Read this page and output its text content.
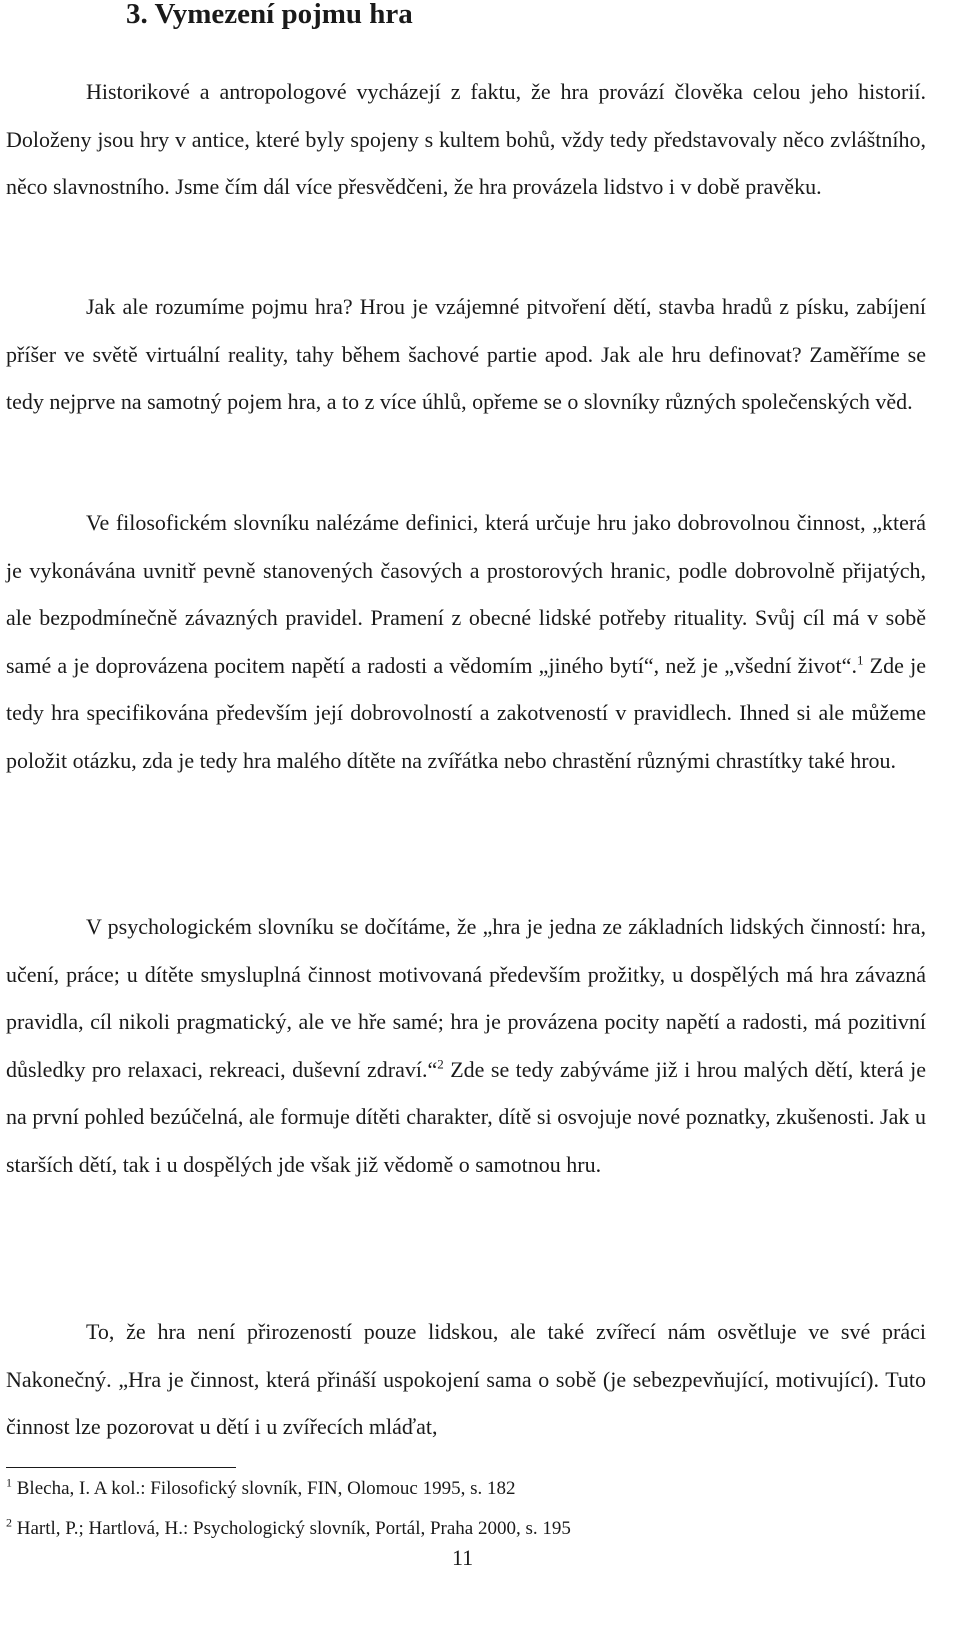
3. Vymezení pojmu hra

Historikové a antropologové vycházejí z faktu, že hra provází člověka celou jeho historií. Doloženy jsou hry v antice, které byly spojeny s kultem bohů, vždy tedy představovaly něco zvláštního, něco slavnostního. Jsme čím dál více přesvědčeni, že hra provázela lidstvo i v době pravěku.

Jak ale rozumíme pojmu hra? Hrou je vzájemné pitvoření dětí, stavba hradů z písku, zabíjení příšer ve světě virtuální reality, tahy během šachové partie apod. Jak ale hru definovat? Zaměříme se tedy nejprve na samotný pojem hra, a to z více úhlů, opřeme se o slovníky různých společenských věd.

Ve filosofickém slovníku nalézáme definici, která určuje hru jako dobrovolnou činnost, „která je vykonávána uvnitř pevně stanovených časových a prostorových hranic, podle dobrovolně přijatých, ale bezpodmínečně závazných pravidel. Pramení z obecné lidské potřeby rituality. Svůj cíl má v sobě samé a je doprovázena pocitem napětí a radosti a vědomím „jiného bytí“, než je „všední život“.$^1$ Zde je tedy hra specifikována především její dobrovolností a zakotveností v pravidlech. Ihned si ale můžeme položit otázku, zda je tedy hra malého dítěte na zvířátka nebo chrastění různými chrastítky také hrou.

V psychologickém slovníku se dočítáme, že „hra je jedna ze základních lidských činností: hra, učení, práce; u dítěte smysluplná činnost motivovaná především prožitky, u dospělých má hra závazná pravidla, cíl nikoli pragmatický, ale ve hře samé; hra je provázena pocity napětí a radosti, má pozitivní důsledky pro relaxaci, rekreaci, duševní zdraví.“$^2$ Zde se tedy zabýváme již i hrou malých dětí, která je na první pohled bezúčelná, ale formuje dítěti charakter, dítě si osvojuje nové poznatky, zkušenosti. Jak u starších dětí, tak i u dospělých jde však již vědomě o samotnou hru.

To, že hra není přirozeností pouze lidskou, ale také zvířecí nám osvětluje ve své práci Nakonečný. „Hra je činnost, která přináší uspokojení sama o sobě (je sebezpevňující, motivující). Tuto činnost lze pozorovat u dětí i u zvířecích mláďat,

$^1$ Blecha, I. A kol.: Filosofický slovník, FIN, Olomouc 1995, s. 182

$^2$ Hartl, P.; Hartlová, H.: Psychologický slovník, Portál, Praha 2000, s. 195

11
